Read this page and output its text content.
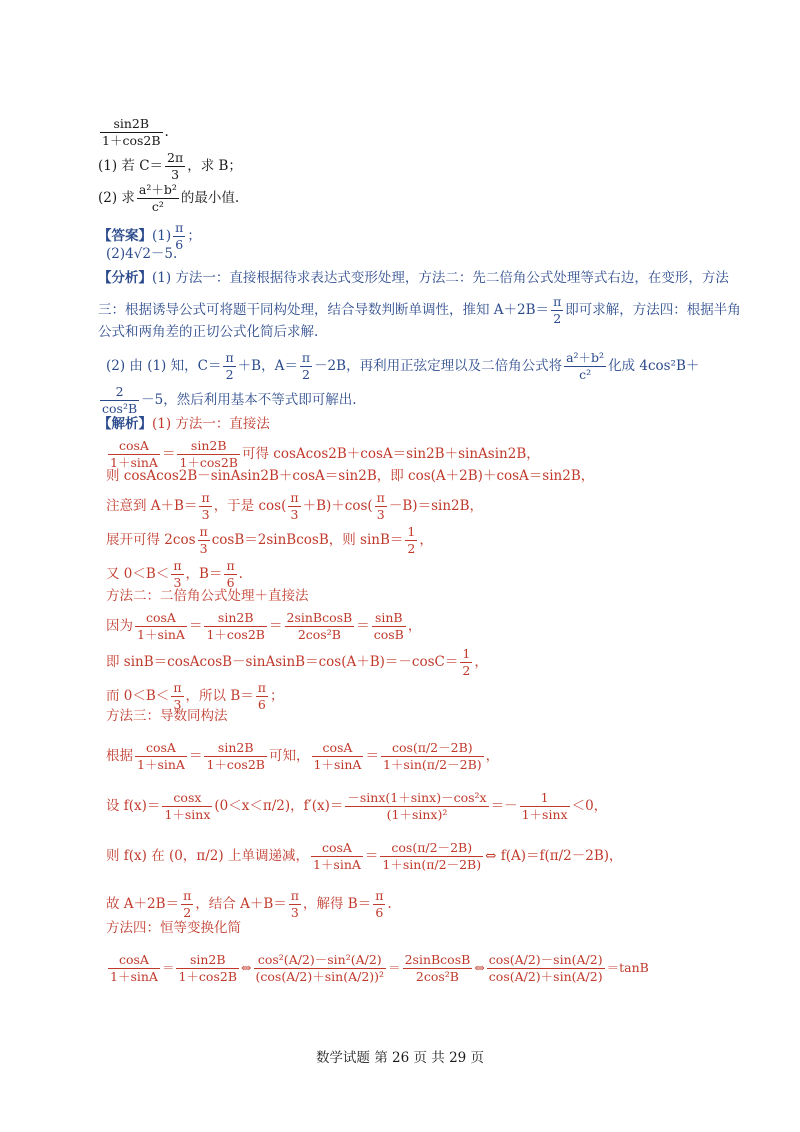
$\frac{\sin 2B}{1+\cos 2B}$ .
(1) 若 $C= \frac{2\pi}{3}$ ，求 B；
(2) 求 $\frac{\text{a²＋b²}}{\text{c²}}$ 的最小值.
【答案】$(1) \frac{\pi}{6}$ ；
(2)4√2－5.
【分析】(1) 方法一：直接根据待求表达式变形处理，方法二：先二倍角公式处理等式右边，在变形，方法
三：根据诱导公式可将题干同构处理，结合导数判断单调性，推知 $A+2B= \frac{\pi}{2}$ 即可求解，方法四：根据半角
公式和两角差的正切公式化简后求解.
(2) 由 (1) 知，$C= \frac{\pi}{2} +B$，$A= \frac{\pi}{2} -2B$，再利用正弦定理以及二倍角公式将 $\frac{\text{a²＋b²}}{\text{c²}}$ 化成 4cos²B＋
$\frac{2}{\text{cos²B}} -5$，然后利用基本不等式即可解出.
【解析】(1) 方法一：直接法
$\frac{\cos A}{1+\sin A} = \frac{\sin 2B}{1+\cos 2B}$ 可得 cosAcos2B＋cosA＝sin2B＋sinAsin2B，
则 cosAcos2B－sinAsin2B＋cosA＝sin2B，即 cos(A＋2B)＋cosA＝sin2B，
注意到 $A+B= \frac{\pi}{3}$ ，于是 $\cos( \frac{\pi}{3} +B)+\cos( \frac{\pi}{3} -B)=\sin 2B$，
展开可得 $2\cos \frac{\pi}{3}$ cosB＝2sinBcosB，则 $\sin B= \frac{1}{2}$ ，
又 $0<B< \frac{\pi}{3}$ ，$B= \frac{\pi}{6}$ .
方法二：二倍角公式处理＋直接法
因为 $\frac{\cos A}{1+\sin A} = \frac{\sin 2B}{1+\cos 2B} = \frac{\text{2sinBcosB}}{\text{2cos²B}} = \frac{\sin B}{\cos B}$ ，
即 sinB＝cosAcosB－sinAsinB＝cos(A＋B)＝－cosC＝ $\frac{1}{2}$ ，
而 $0<B< \frac{\pi}{3}$ ，所以 $B= \frac{\pi}{6}$ ；
方法三：导数同构法
根据 $\frac{\cos A}{1+\sin A} = \frac{\sin 2B}{1+\cos 2B}$ 可知， $\frac{\cos A}{1+\sin A} = \frac{\cos(\pi/2-2B)}{1+\sin(\pi/2-2B)}$ ，
设 $f(x)= \frac{\cos x}{1+\sin x} (0<x<\pi/2)$，$f'(x)= \frac{\text{－sinx(1＋sinx)－cos²x}}{\text{(1＋sinx)²}} =- \frac{1}{1+\sin x} <0$，
则 f(x) 在 (0，π/2) 上单调递减， $\frac{\cos A}{1+\sin A} = \frac{\cos(\pi/2-2B)}{1+\sin(\pi/2-2B)}$ ⇔ f(A)＝f(π/2－2B)，
故 $A+2B= \frac{\pi}{2}$ ，结合 $A+B= \frac{\pi}{3}$ ，解得 $B= \frac{\pi}{6}$ .
方法四：恒等变换化简
$\frac{\cos A}{1+\sin A} = \frac{\sin 2B}{1+\cos 2B}$ ⇔ $\frac{\text{cos²(A/2)－sin²(A/2)}}{\text{(cos(A/2)＋sin(A/2))²}} = \frac{\text{2sinBcosB}}{\text{2cos²B}}$ ⇔ $\frac{\cos(A/2)-\sin(A/2)}{\cos(A/2)+\sin(A/2)} =\tan B$
数学试题 第 26 页 共 29 页
